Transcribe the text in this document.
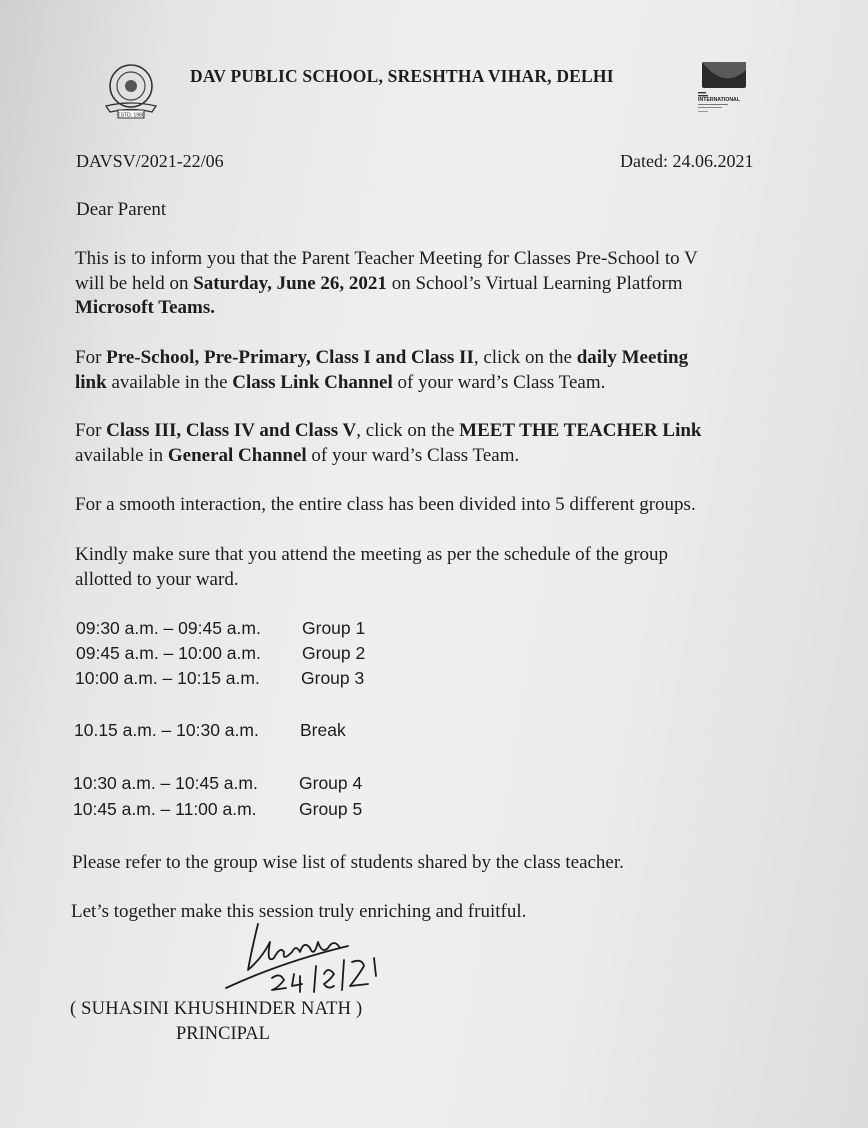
ESTD. 1988
DAV PUBLIC SCHOOL, SRESHTHA VIHAR, DELHI
INTERNATIONAL
DAVSV/2021-22/06	Dated: 24.06.2021
Dear Parent
This is to inform you that the Parent Teacher Meeting for Classes Pre-School to V
will be held on Saturday, June 26, 2021 on School’s Virtual Learning Platform
Microsoft Teams.
For Pre-School, Pre-Primary, Class I and Class II, click on the daily Meeting
link available in the Class Link Channel of your ward’s Class Team.
For Class III, Class IV and Class V, click on the MEET THE TEACHER Link
available in General Channel of your ward’s Class Team.
For a smooth interaction, the entire class has been divided into 5 different groups.
Kindly make sure that you attend the meeting as per the schedule of the group
allotted to your ward.
09:30 a.m. – 09:45 a.m. Group 1
09:45 a.m. – 10:00 a.m. Group 2
10:00 a.m. – 10:15 a.m. Group 3
10.15 a.m. – 10:30 a.m. Break
10:30 a.m. – 10:45 a.m. Group 4
10:45 a.m. – 11:00 a.m. Group 5
Please refer to the group wise list of students shared by the class teacher.
Let’s together make this session truly enriching and fruitful.
( SUHASINI KHUSHINDER NATH )
PRINCIPAL
